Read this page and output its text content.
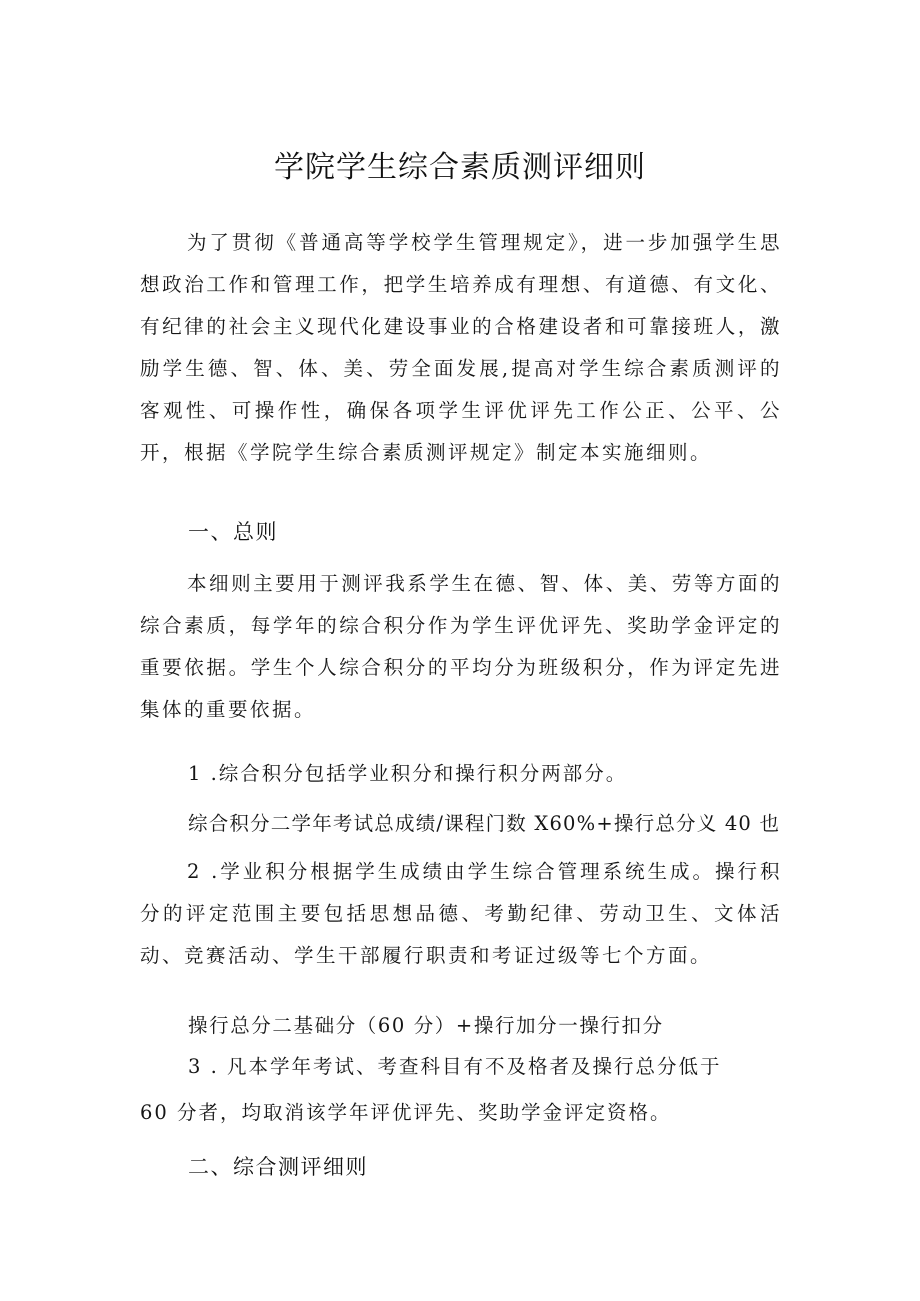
学院学生综合素质测评细则

为了贯彻《普通高等学校学生管理规定》，进一步加强学生思想政治工作和管理工作，把学生培养成有理想、有道德、有文化、有纪律的社会主义现代化建设事业的合格建设者和可靠接班人，激励学生德、智、体、美、劳全面发展,提高对学生综合素质测评的客观性、可操作性，确保各项学生评优评先工作公正、公平、公开，根据《学院学生综合素质测评规定》制定本实施细则。

一、总则

本细则主要用于测评我系学生在德、智、体、美、劳等方面的综合素质，每学年的综合积分作为学生评优评先、奖助学金评定的重要依据。学生个人综合积分的平均分为班级积分，作为评定先进集体的重要依据。

1 .综合积分包括学业积分和操行积分两部分。
综合积分二学年考试总成绩/课程门数 X60%+操行总分义 40 也

2 .学业积分根据学生成绩由学生综合管理系统生成。操行积分的评定范围主要包括思想品德、考勤纪律、劳动卫生、文体活动、竞赛活动、学生干部履行职责和考证过级等七个方面。

操行总分二基础分（60 分）+操行加分一操行扣分
3 . 凡本学年考试、考查科目有不及格者及操行总分低于
60 分者，均取消该学年评优评先、奖助学金评定资格。
二、综合测评细则
